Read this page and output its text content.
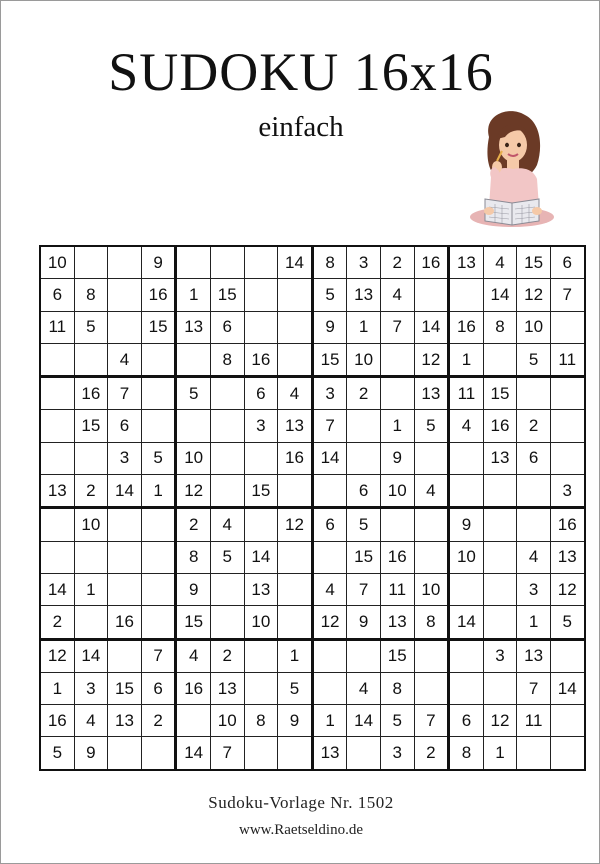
SUDOKU 16x16
einfach
10			9				14	8	3	2	16	13	4	15	6
6	8		16	1	15			5	13	4			14	12	7
11	5		15	13	6			9	1	7	14	16	8	10	
		4			8	16		15	10		12	1		5	11
	16	7		5		6	4	3	2		13	11	15		
	15	6				3	13	7		1	5	4	16	2	
		3	5	10			16	14		9			13	6	
13	2	14	1	12		15			6	10	4				3
	10			2	4		12	6	5			9			16
				8	5	14			15	16		10		4	13
14	1			9		13		4	7	11	10			3	12
2		16		15		10		12	9	13	8	14		1	5
12	14		7	4	2		1			15			3	13	
1	3	15	6	16	13		5		4	8				7	14
16	4	13	2		10	8	9	1	14	5	7	6	12	11	
5	9			14	7			13		3	2	8	1		
Sudoku-Vorlage Nr. 1502
www.Raetseldino.de
